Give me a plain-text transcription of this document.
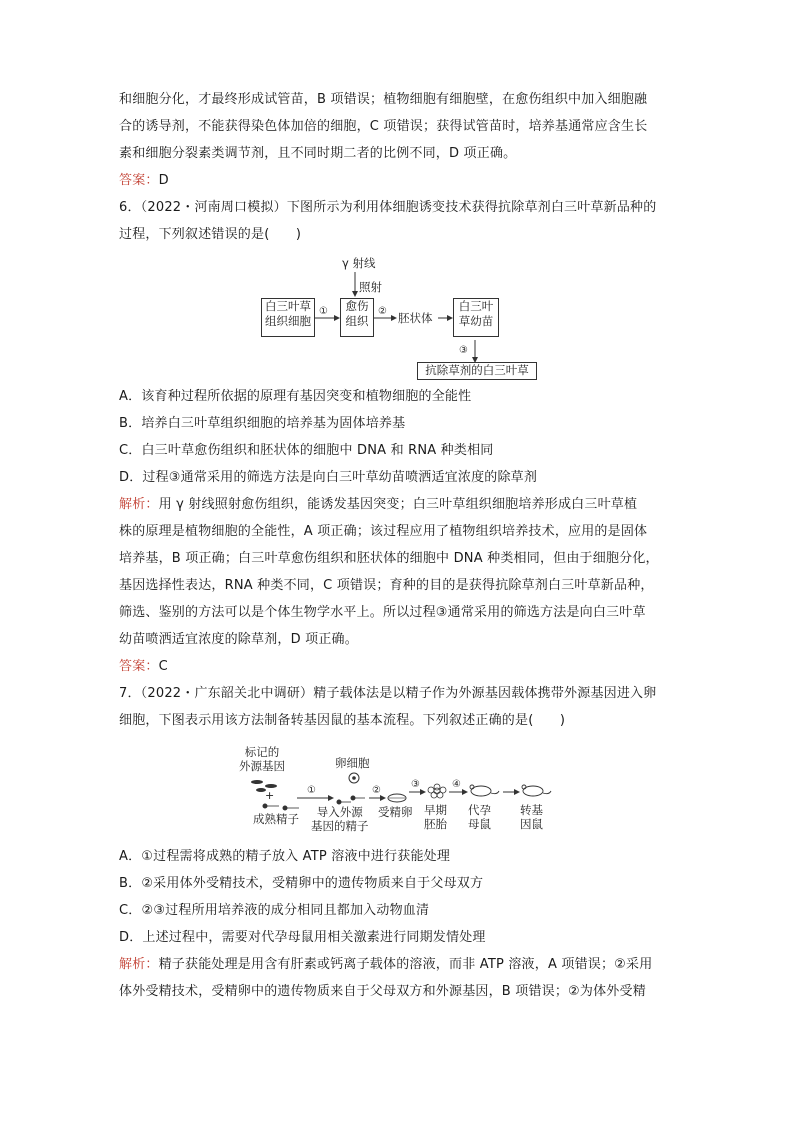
和细胞分化，才最终形成试管苗，B 项错误；植物细胞有细胞壁，在愈伤组织中加入细胞融
合的诱导剂，不能获得染色体加倍的细胞，C 项错误；获得试管苗时，培养基通常应含生长
素和细胞分裂素类调节剂，且不同时期二者的比例不同，D 项正确。
答案：D
6．（2022・河南周口模拟）下图所示为利用体细胞诱变技术获得抗除草剂白三叶草新品种的
过程，下列叙述错误的是(　　)
γ 射线
照射
白三叶草
组织细胞
①	愈伤
组织
② 胚状体
白三叶
草幼苗
③
抗除草剂的白三叶草
A．该育种过程所依据的原理有基因突变和植物细胞的全能性
B．培养白三叶草组织细胞的培养基为固体培养基
C．白三叶草愈伤组织和胚状体的细胞中 DNA 和 RNA 种类相同
D．过程③通常采用的筛选方法是向白三叶草幼苗喷洒适宜浓度的除草剂
解析：用 γ 射线照射愈伤组织，能诱发基因突变；白三叶草组织细胞培养形成白三叶草植
株的原理是植物细胞的全能性，A 项正确；该过程应用了植物组织培养技术，应用的是固体
培养基，B 项正确；白三叶草愈伤组织和胚状体的细胞中 DNA 种类相同，但由于细胞分化，
基因选择性表达，RNA 种类不同，C 项错误；育种的目的是获得抗除草剂白三叶草新品种，
筛选、鉴别的方法可以是个体生物学水平上。所以过程③通常采用的筛选方法是向白三叶草
幼苗喷洒适宜浓度的除草剂，D 项正确。
答案：C
7．（2022・广东韶关北中调研）精子载体法是以精子作为外源基因载体携带外源基因进入卵
细胞，下图表示用该方法制备转基因鼠的基本流程。下列叙述正确的是(　　)
标记的
外源基因
+
成熟精子
①
卵细胞
②
导入外源
基因的精子
受精卵
③
早期
胚胎
④
代孕
母鼠
转基
因鼠
A．①过程需将成熟的精子放入 ATP 溶液中进行获能处理
B．②采用体外受精技术，受精卵中的遗传物质来自于父母双方
C．②③过程所用培养液的成分相同且都加入动物血清
D．上述过程中，需要对代孕母鼠用相关激素进行同期发情处理
解析：精子获能处理是用含有肝素或钙离子载体的溶液，而非 ATP 溶液，A 项错误；②采用
体外受精技术，受精卵中的遗传物质来自于父母双方和外源基因，B 项错误；②为体外受精
